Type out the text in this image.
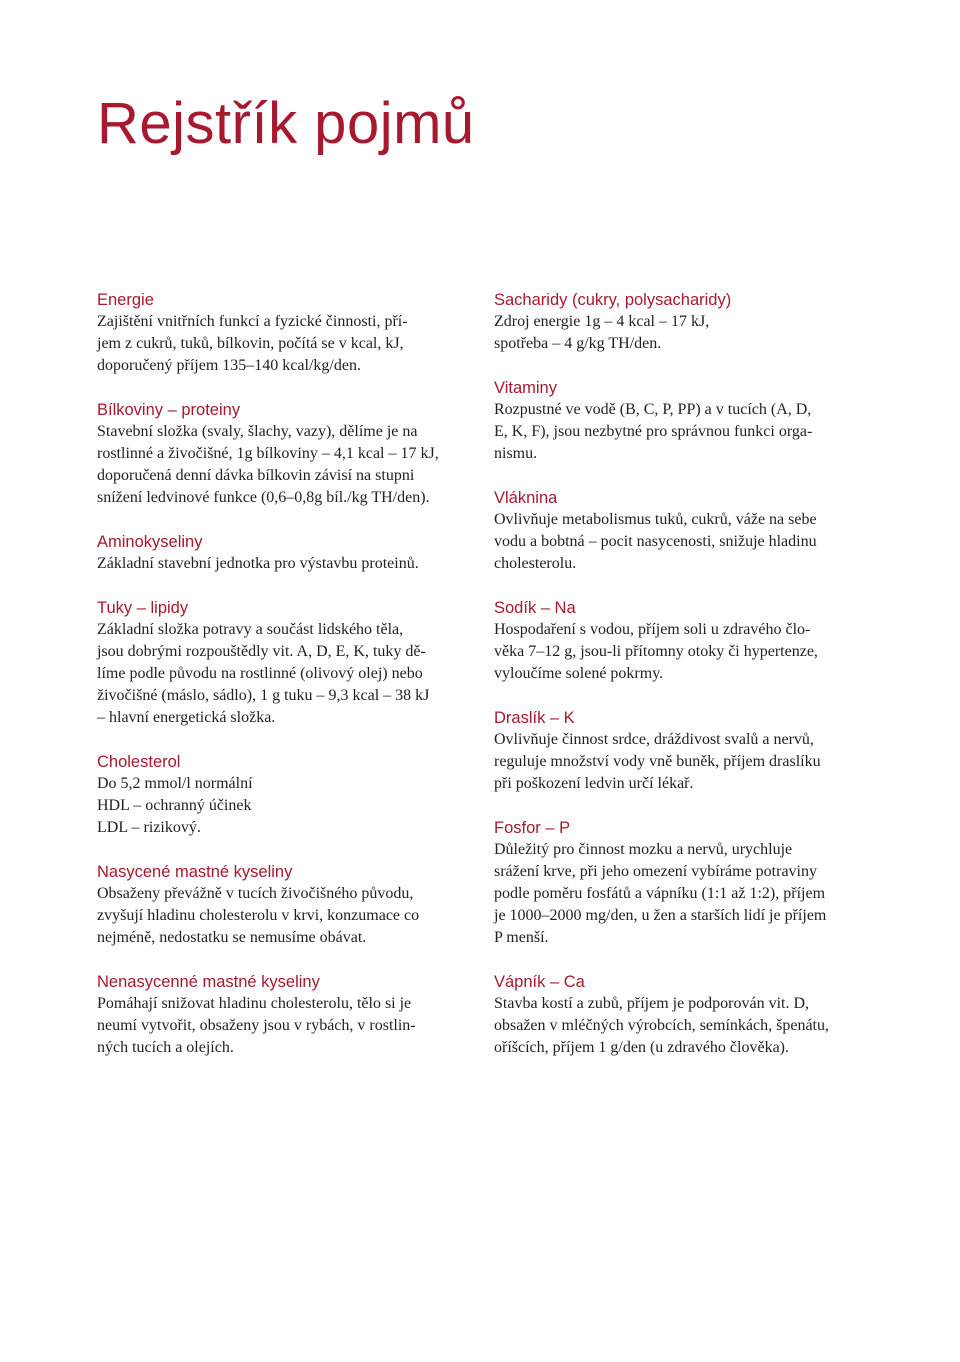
Rejstřík pojmů

Energie

Zajištění vnitřních funkcí a fyzické činnosti, pří-
jem z cukrů, tuků, bílkovin, počítá se v kcal, kJ,
doporučený příjem 135–140 kcal/kg/den.

Bílkoviny – proteiny

Stavební složka (svaly, šlachy, vazy), dělíme je na
rostlinné a živočišné, 1g bílkoviny – 4,1 kcal – 17 kJ,
doporučená denní dávka bílkovin závisí na stupni
snížení ledvinové funkce (0,6–0,8g bíl./kg TH/den).

Aminokyseliny

Základní stavební jednotka pro výstavbu proteinů.

Tuky – lipidy

Základní složka potravy a součást lidského těla,
jsou dobrými rozpouštědly vit. A, D, E, K, tuky dě-
líme podle původu na rostlinné (olivový olej) nebo
živočišné (máslo, sádlo), 1 g tuku – 9,3 kcal – 38 kJ
– hlavní energetická složka.

Cholesterol

Do 5,2 mmol/l normální
HDL – ochranný účinek
LDL – rizikový.

Nasycené mastné kyseliny

Obsaženy převážně v tucích živočišného původu,
zvyšují hladinu cholesterolu v krvi, konzumace co
nejméně, nedostatku se nemusíme obávat.

Nenasycenné mastné kyseliny

Pomáhají snižovat hladinu cholesterolu, tělo si je
neumí vytvořit, obsaženy jsou v rybách, v rostlin-
ných tucích a olejích.

Sacharidy (cukry, polysacharidy)

Zdroj energie 1g – 4 kcal – 17 kJ,
spotřeba – 4 g/kg TH/den.

Vitaminy

Rozpustné ve vodě (B, C, P, PP) a v tucích (A, D,
E, K, F), jsou nezbytné pro správnou funkci orga-
nismu.

Vláknina

Ovlivňuje metabolismus tuků, cukrů, váže na sebe
vodu a bobtná – pocit nasycenosti, snižuje hladinu
cholesterolu.

Sodík – Na

Hospodaření s vodou, příjem soli u zdravého člo-
věka 7–12 g, jsou-li přítomny otoky či hypertenze,
vyloučíme solené pokrmy.

Draslík – K

Ovlivňuje činnost srdce, dráždivost svalů a nervů,
reguluje množství vody vně buněk, příjem draslíku
při poškození ledvin určí lékař.

Fosfor – P

Důležitý pro činnost mozku a nervů, urychluje
srážení krve, při jeho omezení vybíráme potraviny
podle poměru fosfátů a vápníku (1:1 až 1:2), příjem
je 1000–2000 mg/den, u žen a starších lidí je příjem
P menší.

Vápník – Ca

Stavba kostí a zubů, příjem je podporován vit. D,
obsažen v mléčných výrobcích, semínkách, špenátu,
oříšcích, příjem 1 g/den (u zdravého člověka).
